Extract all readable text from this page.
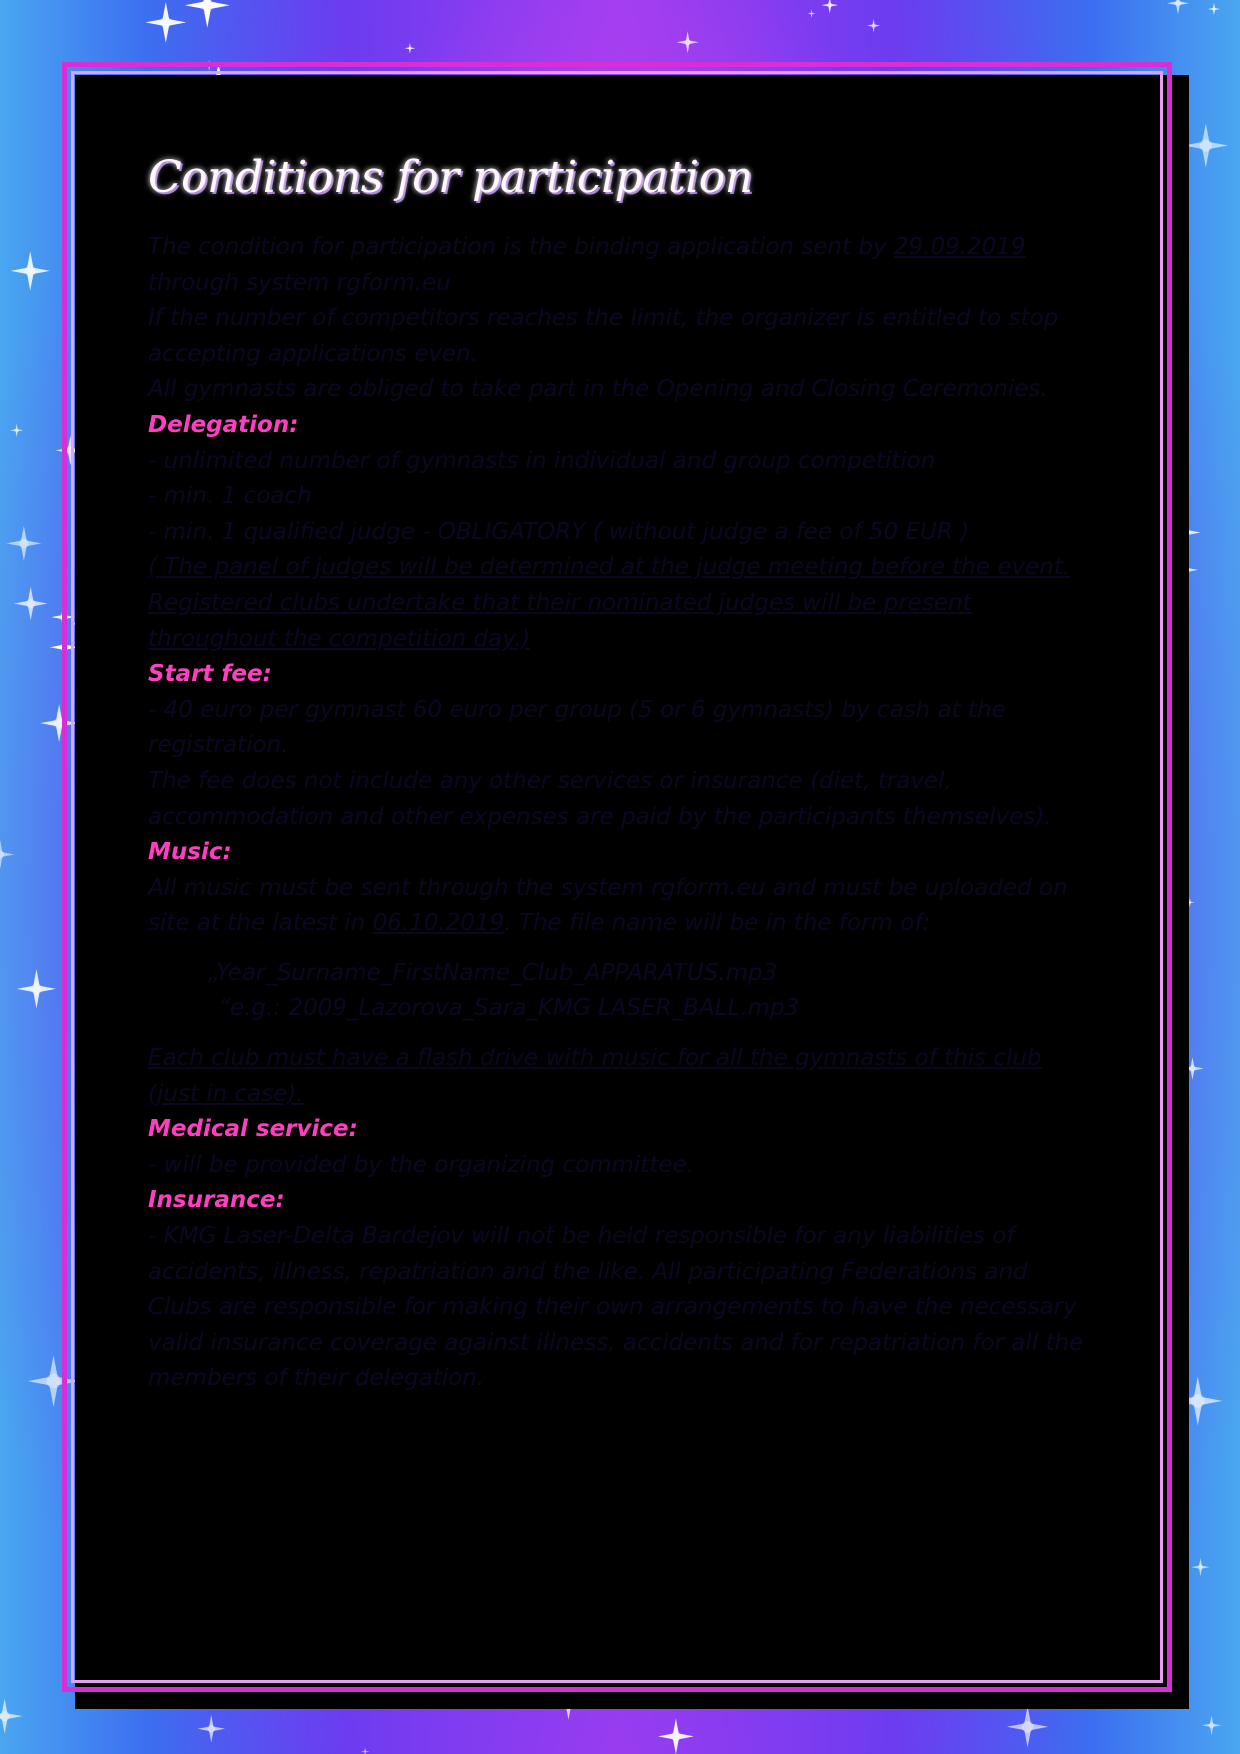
Conditions for participation

The condition for participation is the binding application sent by 29.09.2019
through system rgform.eu

If the number of competitors reaches the limit, the organizer is entitled to stop accepting applications even.

All gymnasts are obliged to take part in the Opening and Closing Ceremonies.

Delegation:

- unlimited number of gymnasts in individual and group competition

- min. 1 coach

- min. 1 qualified judge - OBLIGATORY ( without judge a fee of 50 EUR )

( The panel of judges will be determined at the judge meeting before the event. Registered clubs undertake that their nominated judges will be present throughout the competition day.)

Start fee:

- 40 euro per gymnast 60 euro per group (5 or 6 gymnasts) by cash at the registration.

The fee does not include any other services or insurance (diet, travel, accommodation and other expenses are paid by the participants themselves).

Music:

All music must be sent through the system rgform.eu and must be uploaded on site at the latest in 06.10.2019. The file name will be in the form of:

„Year_Surname_FirstName_Club_APPARATUS.mp3

“e.g.: 2009_Lazorova_Sara_KMG LASER_BALL.mp3

Each club must have a flash drive with music for all the gymnasts of this club (just in case).

Medical service:

- will be provided by the organizing committee.

Insurance:

- KMG Laser-Delta Bardejov will not be held responsible for any liabilities of accidents, illness, repatriation and the like. All participating Federations and Clubs are responsible for making their own arrangements to have the necessary valid insurance coverage against illness, accidents and for repatriation for all the members of their delegation.
